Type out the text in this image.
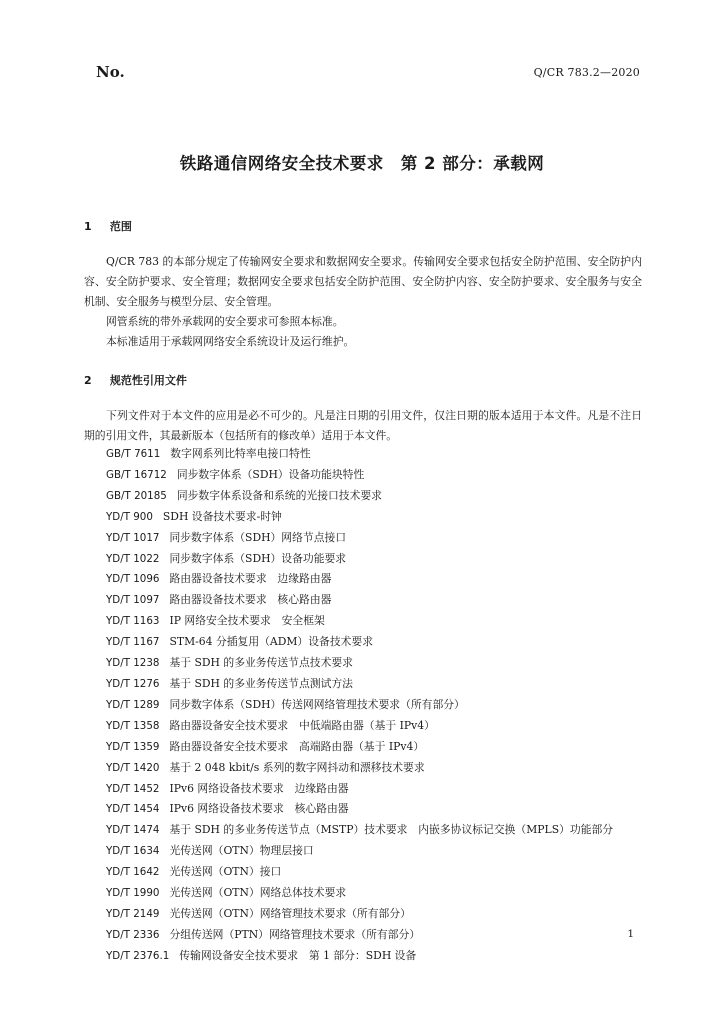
No.	Q/CR 783.2—2020
铁路通信网络安全技术要求　第 2 部分：承载网
1 范围

Q/CR 783 的本部分规定了传输网安全要求和数据网安全要求。传输网安全要求包括安全防护范围、安全防护内容、安全防护要求、安全管理；数据网安全要求包括安全防护范围、安全防护内容、安全防护要求、安全服务与安全机制、安全服务与模型分层、安全管理。

网管系统的带外承载网的安全要求可参照本标准。

本标准适用于承载网网络安全系统设计及运行维护。

2 规范性引用文件

下列文件对于本文件的应用是必不可少的。凡是注日期的引用文件，仅注日期的版本适用于本文件。凡是不注日期的引用文件，其最新版本（包括所有的修改单）适用于本文件。

GB/T 7611 数字网系列比特率电接口特性
GB/T 16712 同步数字体系（SDH）设备功能块特性
GB/T 20185 同步数字体系设备和系统的光接口技术要求
YD/T 900 SDH 设备技术要求-时钟
YD/T 1017 同步数字体系（SDH）网络节点接口
YD/T 1022 同步数字体系（SDH）设备功能要求
YD/T 1096 路由器设备技术要求　边缘路由器
YD/T 1097 路由器设备技术要求　核心路由器
YD/T 1163 IP 网络安全技术要求　安全框架
YD/T 1167 STM-64 分插复用（ADM）设备技术要求
YD/T 1238 基于 SDH 的多业务传送节点技术要求
YD/T 1276 基于 SDH 的多业务传送节点测试方法
YD/T 1289 同步数字体系（SDH）传送网网络管理技术要求（所有部分）
YD/T 1358 路由器设备安全技术要求　中低端路由器（基于 IPv4）
YD/T 1359 路由器设备安全技术要求　高端路由器（基于 IPv4）
YD/T 1420 基于 2 048 kbit/s 系列的数字网抖动和漂移技术要求
YD/T 1452 IPv6 网络设备技术要求　边缘路由器
YD/T 1454 IPv6 网络设备技术要求　核心路由器
YD/T 1474 基于 SDH 的多业务传送节点（MSTP）技术要求　内嵌多协议标记交换（MPLS）功能部分
YD/T 1634 光传送网（OTN）物理层接口
YD/T 1642 光传送网（OTN）接口
YD/T 1990 光传送网（OTN）网络总体技术要求
YD/T 2149 光传送网（OTN）网络管理技术要求（所有部分）
YD/T 2336 分组传送网（PTN）网络管理技术要求（所有部分）
YD/T 2376.1 传输网设备安全技术要求　第 1 部分：SDH 设备
1
